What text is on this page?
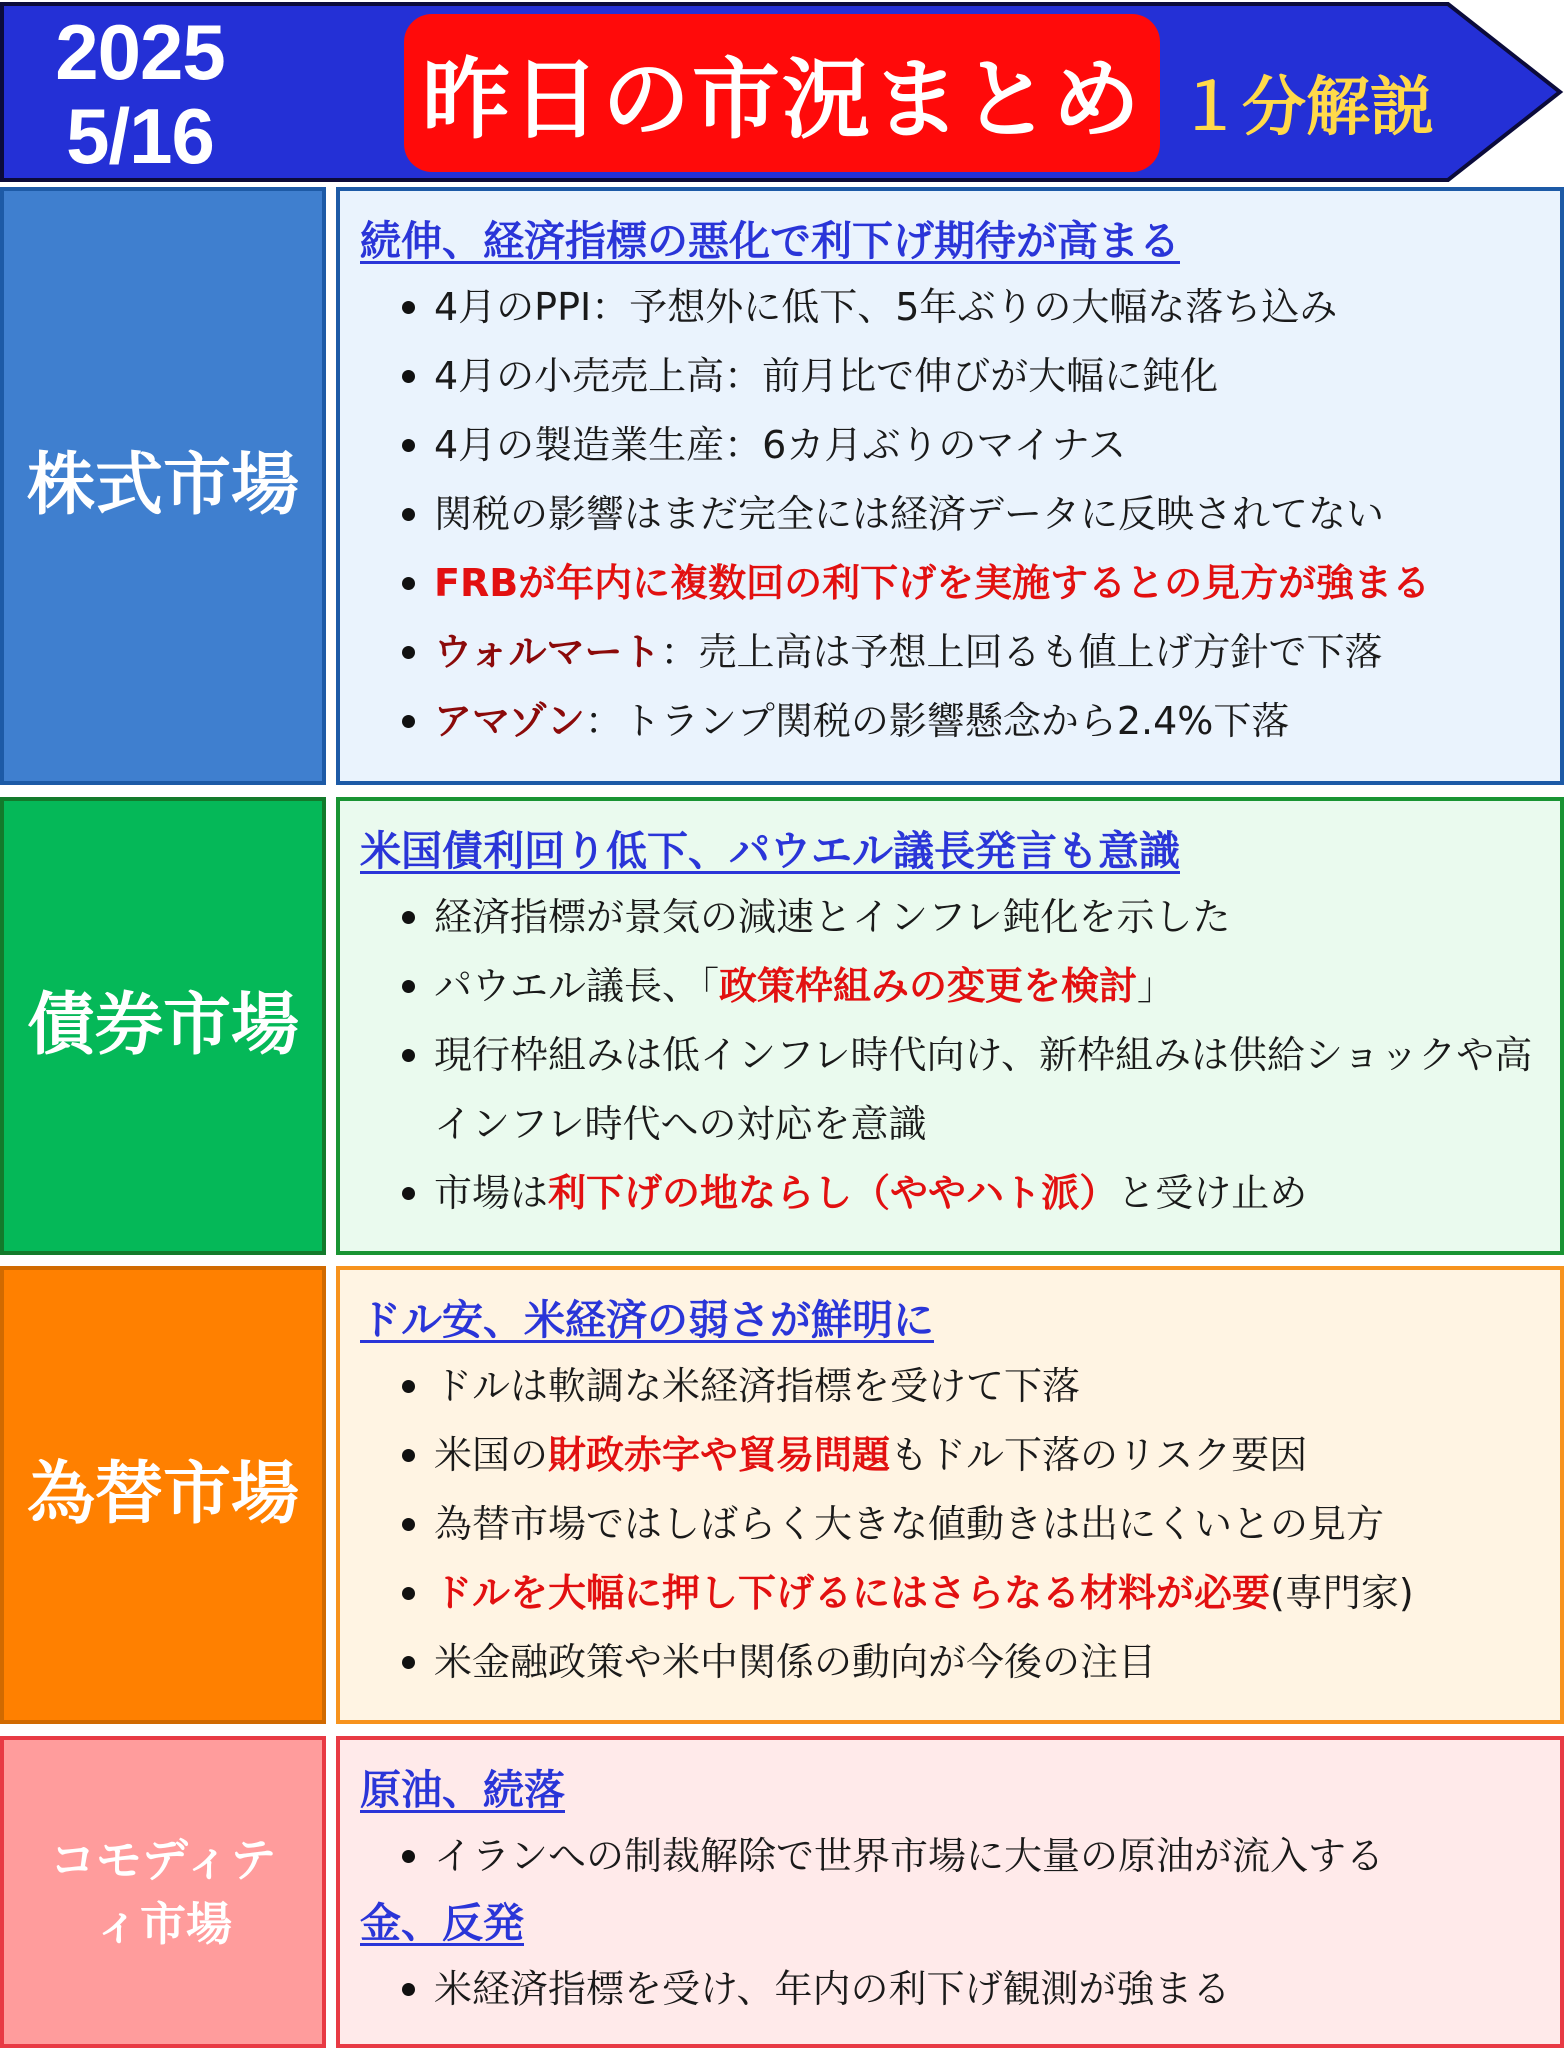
2025
5/16 昨日の市況まとめ １分解説
株式市場
続伸、経済指標の悪化で利下げ期待が高まる
4月のPPI：予想外に低下、5年ぶりの大幅な落ち込み
4月の小売売上高：前月比で伸びが大幅に鈍化
4月の製造業生産：6カ月ぶりのマイナス
関税の影響はまだ完全には経済データに反映されてない
FRBが年内に複数回の利下げを実施するとの見方が強まる
ウォルマート：売上高は予想上回るも値上げ方針で下落
アマゾン：トランプ関税の影響懸念から2.4%下落
債券市場
米国債利回り低下、パウエル議長発言も意識
経済指標が景気の減速とインフレ鈍化を示した
パウエル議長、「政策枠組みの変更を検討」
現行枠組みは低インフレ時代向け、新枠組みは供給ショックや高インフレ時代への対応を意識
市場は利下げの地ならし（ややハト派）と受け止め
為替市場
ドル安、米経済の弱さが鮮明に
ドルは軟調な米経済指標を受けて下落
米国の財政赤字や貿易問題もドル下落のリスク要因
為替市場ではしばらく大きな値動きは出にくいとの見方
ドルを大幅に押し下げるにはさらなる材料が必要(専門家)
米金融政策や米中関係の動向が今後の注目
コモディティ市場
原油、続落
イランへの制裁解除で世界市場に大量の原油が流入する
金、反発
米経済指標を受け、年内の利下げ観測が強まる
